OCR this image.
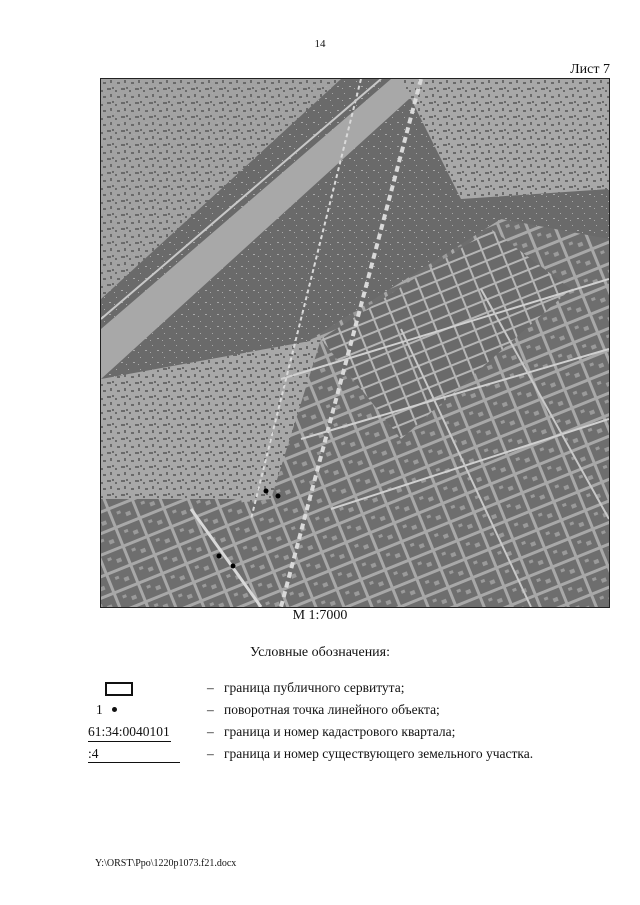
14
Лист 7
М 1:7000
Условные обозначения:
– граница публичного сервитута;
1	– поворотная точка линейного объекта;
61:34:0040101	– граница и номер кадастрового квартала;
:4	– граница и номер существующего земельного участка.
Y:\ORST\Ppo\1220p1073.f21.docx
